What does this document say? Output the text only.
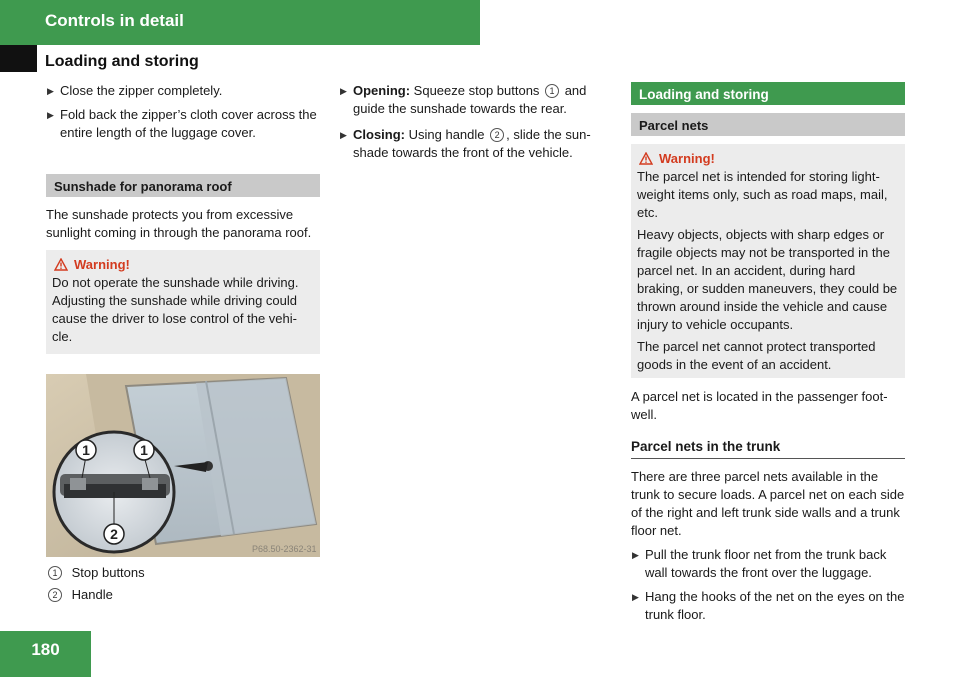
Controls in detail
Loading and storing
▶ Close the zipper completely.
▶ Fold back the zipper’s cloth cover across the entire length of the luggage cover.
Sunshade for panorama roof

The sunshade protects you from excessive sunlight coming in through the panorama roof.

Warning!

Do not operate the sunshade while driving. Adjusting the sunshade while driving could cause the driver to lose control of the vehi-cle.

1	1
2
P68.50-2362-31
1 Stop buttons
2 Handle
▶ Opening: Squeeze stop buttons 1 and guide the sunshade towards the rear.
▶ Closing: Using handle 2 , slide the sun-shade towards the front of the vehicle.
Loading and storing
Parcel nets
Warning!

The parcel net is intended for storing light-weight items only, such as road maps, mail, etc.

Heavy objects, objects with sharp edges or fragile objects may not be transported in the parcel net. In an accident, during hard braking, or sudden maneuvers, they could be thrown around inside the vehicle and cause injury to vehicle occupants.

The parcel net cannot protect transported goods in the event of an accident.

A parcel net is located in the passenger foot-well.

Parcel nets in the trunk

There are three parcel nets available in the trunk to secure loads. A parcel net on each side of the right and left trunk side walls and a trunk floor net.

▶ Pull the trunk floor net from the trunk back wall towards the front over the luggage.
▶ Hang the hooks of the net on the eyes on the trunk floor.
180
